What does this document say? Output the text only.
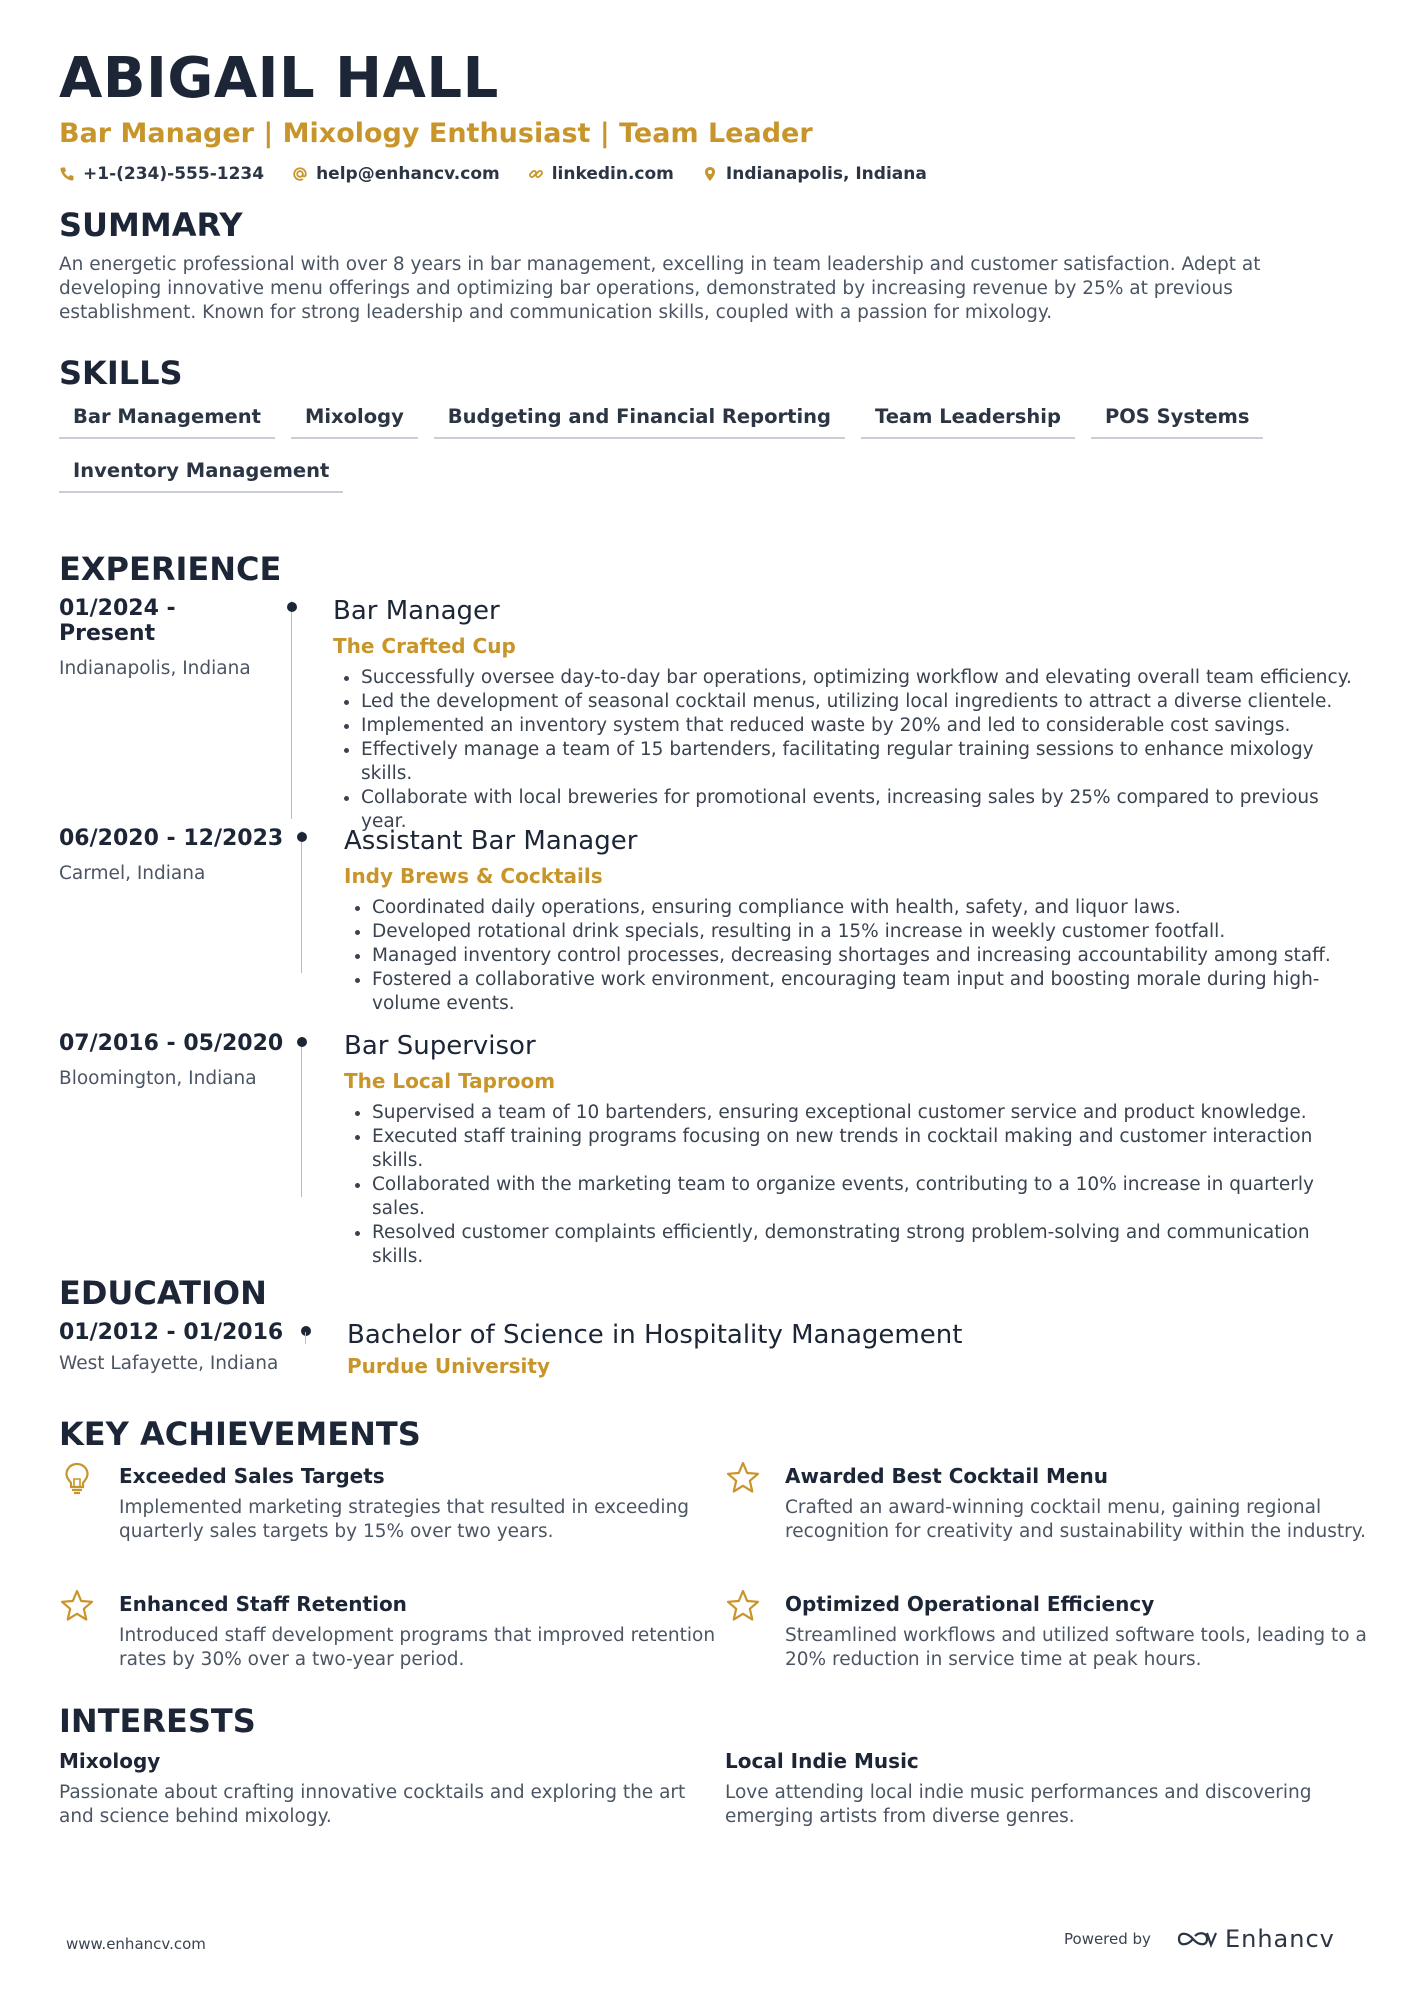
ABIGAIL HALL
Bar Manager | Mixology Enthusiast | Team Leader
+1-(234)-555-1234	help@enhancv.com	linkedin.com	Indianapolis, Indiana
SUMMARY
An energetic professional with over 8 years in bar management, excelling in team leadership and customer satisfaction. Adept at developing innovative menu offerings and optimizing bar operations, demonstrated by increasing revenue by 25% at previous establishment. Known for strong leadership and communication skills, coupled with a passion for mixology.
SKILLS
Bar Management	Mixology	Budgeting and Financial Reporting	Team Leadership	POS Systems
Inventory Management
EXPERIENCE
01/2024 - Present
Indianapolis, Indiana
Bar Manager
The Crafted Cup
• Successfully oversee day-to-day bar operations, optimizing workflow and elevating overall team efficiency.
• Led the development of seasonal cocktail menus, utilizing local ingredients to attract a diverse clientele.
• Implemented an inventory system that reduced waste by 20% and led to considerable cost savings.
• Effectively manage a team of 15 bartenders, facilitating regular training sessions to enhance mixology skills.
• Collaborate with local breweries for promotional events, increasing sales by 25% compared to previous year.
06/2020 - 12/2023
Carmel, Indiana
Assistant Bar Manager
Indy Brews & Cocktails
• Coordinated daily operations, ensuring compliance with health, safety, and liquor laws.
• Developed rotational drink specials, resulting in a 15% increase in weekly customer footfall.
• Managed inventory control processes, decreasing shortages and increasing accountability among staff.
• Fostered a collaborative work environment, encouraging team input and boosting morale during high-volume events.
07/2016 - 05/2020
Bloomington, Indiana
Bar Supervisor
The Local Taproom
• Supervised a team of 10 bartenders, ensuring exceptional customer service and product knowledge.
• Executed staff training programs focusing on new trends in cocktail making and customer interaction skills.
• Collaborated with the marketing team to organize events, contributing to a 10% increase in quarterly sales.
• Resolved customer complaints efficiently, demonstrating strong problem-solving and communication skills.
EDUCATION
01/2012 - 01/2016
West Lafayette, Indiana
Bachelor of Science in Hospitality Management
Purdue University
KEY ACHIEVEMENTS
Exceeded Sales Targets
Implemented marketing strategies that resulted in exceeding quarterly sales targets by 15% over two years.
Awarded Best Cocktail Menu
Crafted an award-winning cocktail menu, gaining regional recognition for creativity and sustainability within the industry.
Enhanced Staff Retention
Introduced staff development programs that improved retention rates by 30% over a two-year period.
Optimized Operational Efficiency
Streamlined workflows and utilized software tools, leading to a 20% reduction in service time at peak hours.
INTERESTS
Mixology
Passionate about crafting innovative cocktails and exploring the art and science behind mixology.
Local Indie Music
Love attending local indie music performances and discovering emerging artists from diverse genres.
www.enhancv.com	Powered by	Enhancv
